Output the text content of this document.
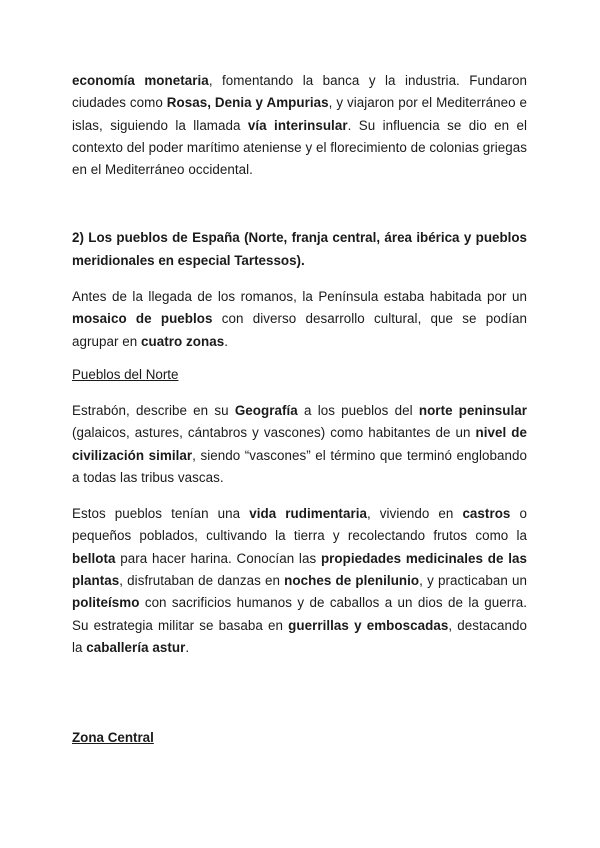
economía monetaria, fomentando la banca y la industria. Fundaron ciudades como Rosas, Denia y Ampurias, y viajaron por el Mediterráneo e islas, siguiendo la llamada vía interinsular. Su influencia se dio en el contexto del poder marítimo ateniense y el florecimiento de colonias griegas en el Mediterráneo occidental.

2) Los pueblos de España (Norte, franja central, área ibérica y pueblos meridionales en especial Tartessos).

Antes de la llegada de los romanos, la Península estaba habitada por un mosaico de pueblos con diverso desarrollo cultural, que se podían agrupar en cuatro zonas.

Pueblos del Norte

Estrabón, describe en su Geografía a los pueblos del norte peninsular (galaicos, astures, cántabros y vascones) como habitantes de un nivel de civilización similar, siendo “vascones” el término que terminó englobando a todas las tribus vascas.

Estos pueblos tenían una vida rudimentaria, viviendo en castros o pequeños poblados, cultivando la tierra y recolectando frutos como la bellota para hacer harina. Conocían las propiedades medicinales de las plantas, disfrutaban de danzas en noches de plenilunio, y practicaban un politeísmo con sacrificios humanos y de caballos a un dios de la guerra. Su estrategia militar se basaba en guerrillas y emboscadas, destacando la caballería astur.

Zona Central
